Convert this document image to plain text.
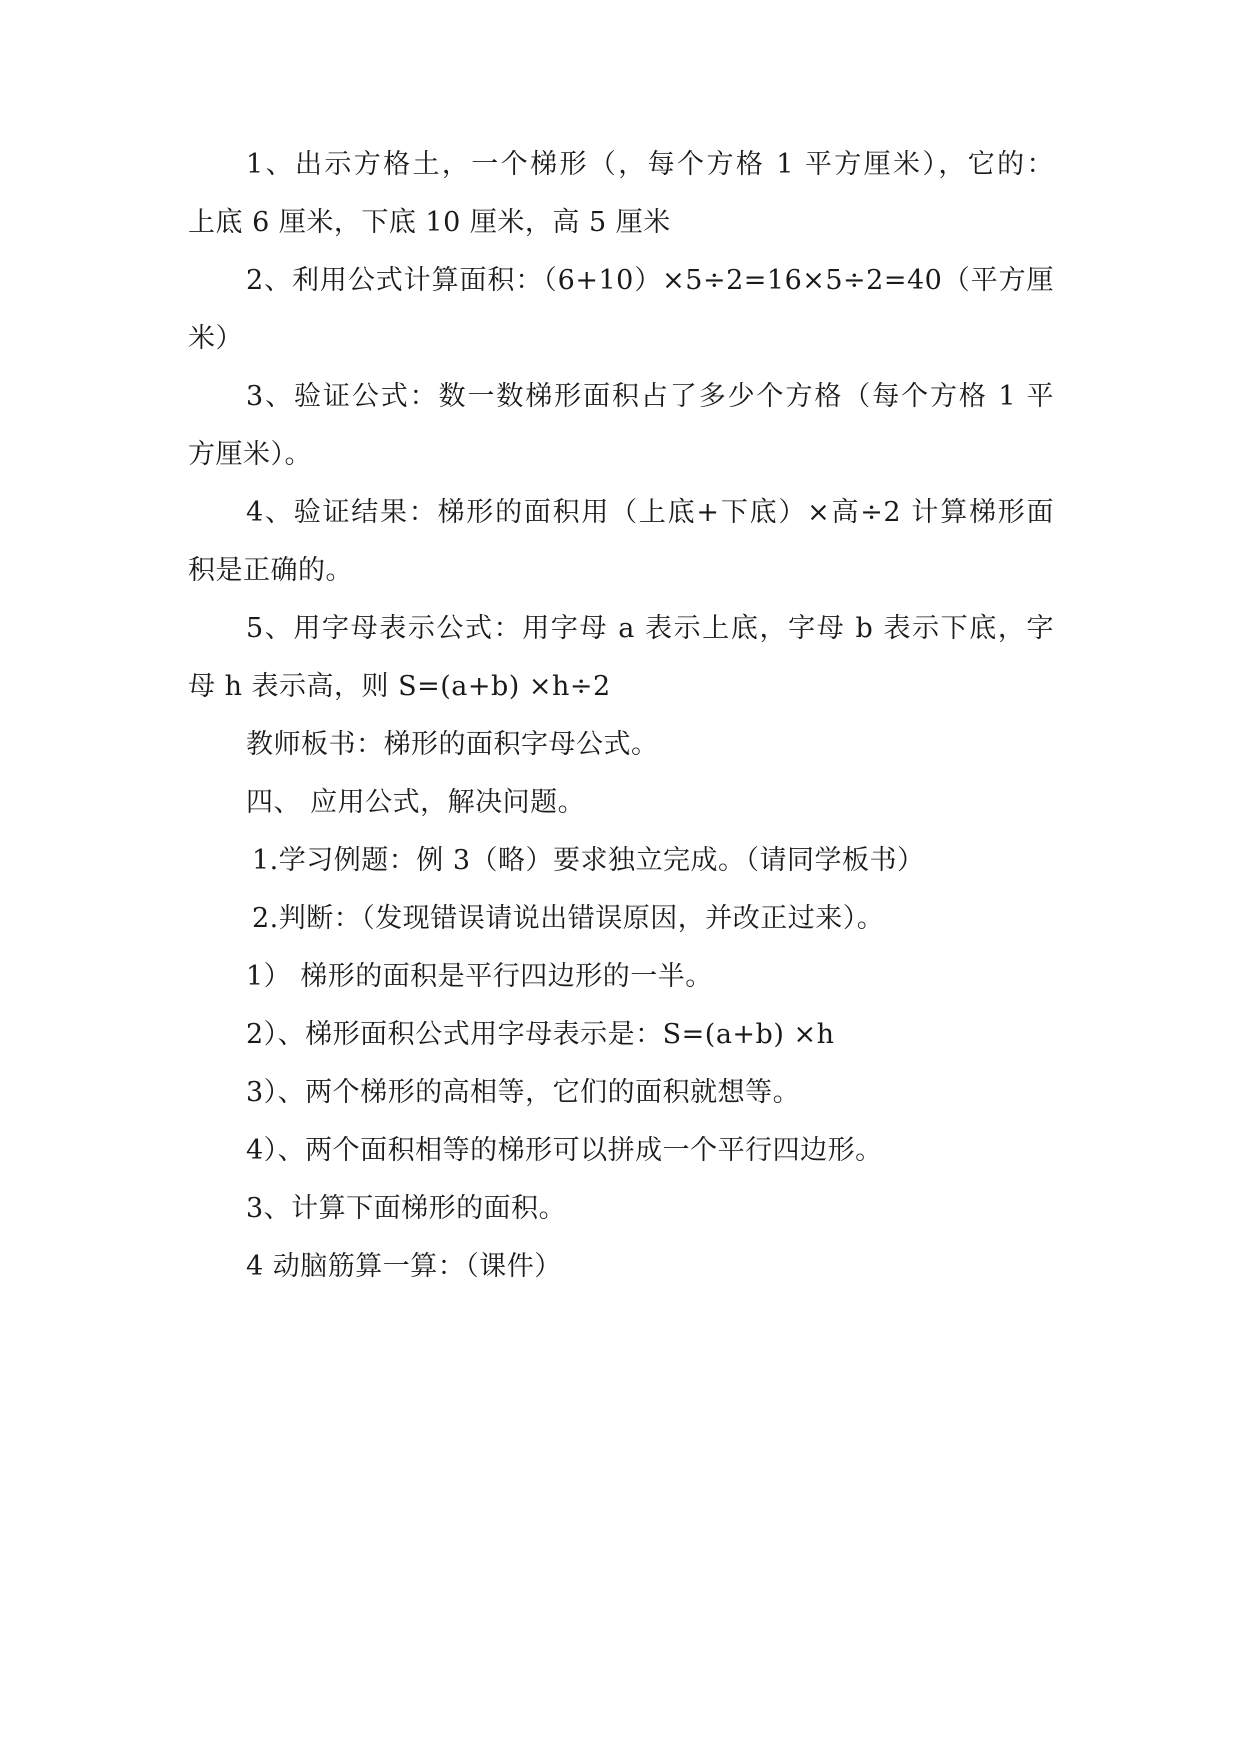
1、出示方格土，一个梯形（，每个方格 1 平方厘米），它的：
上底 6 厘米，下底 10 厘米，高 5 厘米
2、利用公式计算面积：（6+10）×5÷2=16×5÷2=40（平方厘
米）
3、验证公式：数一数梯形面积占了多少个方格（每个方格 1 平
方厘米）。
4、验证结果：梯形的面积用（上底+下底）×高÷2 计算梯形面
积是正确的。
5、用字母表示公式：用字母 a 表示上底，字母 b 表示下底，字
母 h 表示高，则 S=(a+b) ×h÷2
教师板书：梯形的面积字母公式。
四、 应用公式，解决问题。
1.学习例题：例 3（略）要求独立完成。（请同学板书）
2.判断：（发现错误请说出错误原因，并改正过来）。
1） 梯形的面积是平行四边形的一半。
2）、梯形面积公式用字母表示是：S=(a+b) ×h
3）、两个梯形的高相等，它们的面积就想等。
4）、两个面积相等的梯形可以拼成一个平行四边形。
3、计算下面梯形的面积。
4 动脑筋算一算：（课件）
